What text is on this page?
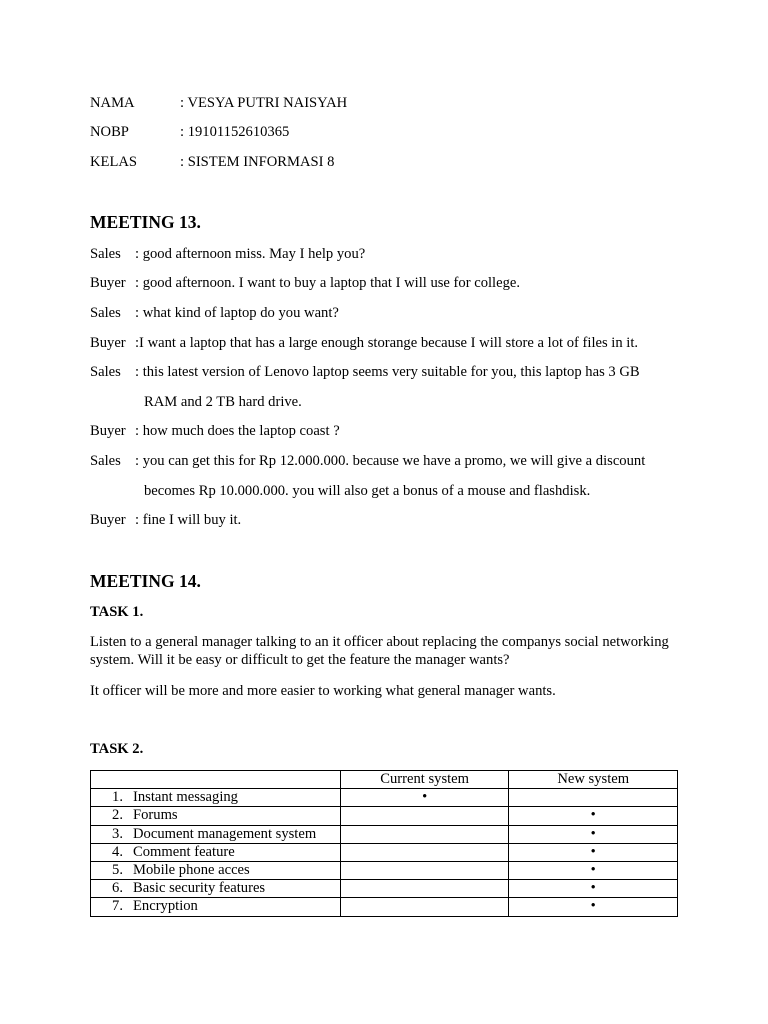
NAMA	: VESYA PUTRI NAISYAH
NOBP	: 19101152610365
KELAS	: SISTEM INFORMASI 8
MEETING 13.
Sales : good afternoon miss. May I help you?
Buyer : good afternoon. I want to buy a laptop that I will use for college.
Sales : what kind of laptop do you want?
Buyer :I want a laptop that has a large enough storange because I will store a lot of files in it.
Sales : this latest version of Lenovo laptop seems very suitable for you, this laptop has 3 GB
RAM and 2 TB hard drive.
Buyer : how much does the laptop coast ?
Sales : you can get this for Rp 12.000.000. because we have a promo, we will give a discount
becomes Rp 10.000.000. you will also get a bonus of a mouse and flashdisk.
Buyer : fine I will buy it.
MEETING 14.
TASK 1.
Listen to a general manager talking to an it officer about replacing the companys social networking system. Will it be easy or difficult to get the feature the manager wants?
It officer will be more and more easier to working what general manager wants.
TASK 2.
	Current system	New system
1. Instant messaging	•	
2. Forums		•
3. Document management system		•
4. Comment feature		•
5. Mobile phone acces		•
6. Basic security features		•
7. Encryption		•
